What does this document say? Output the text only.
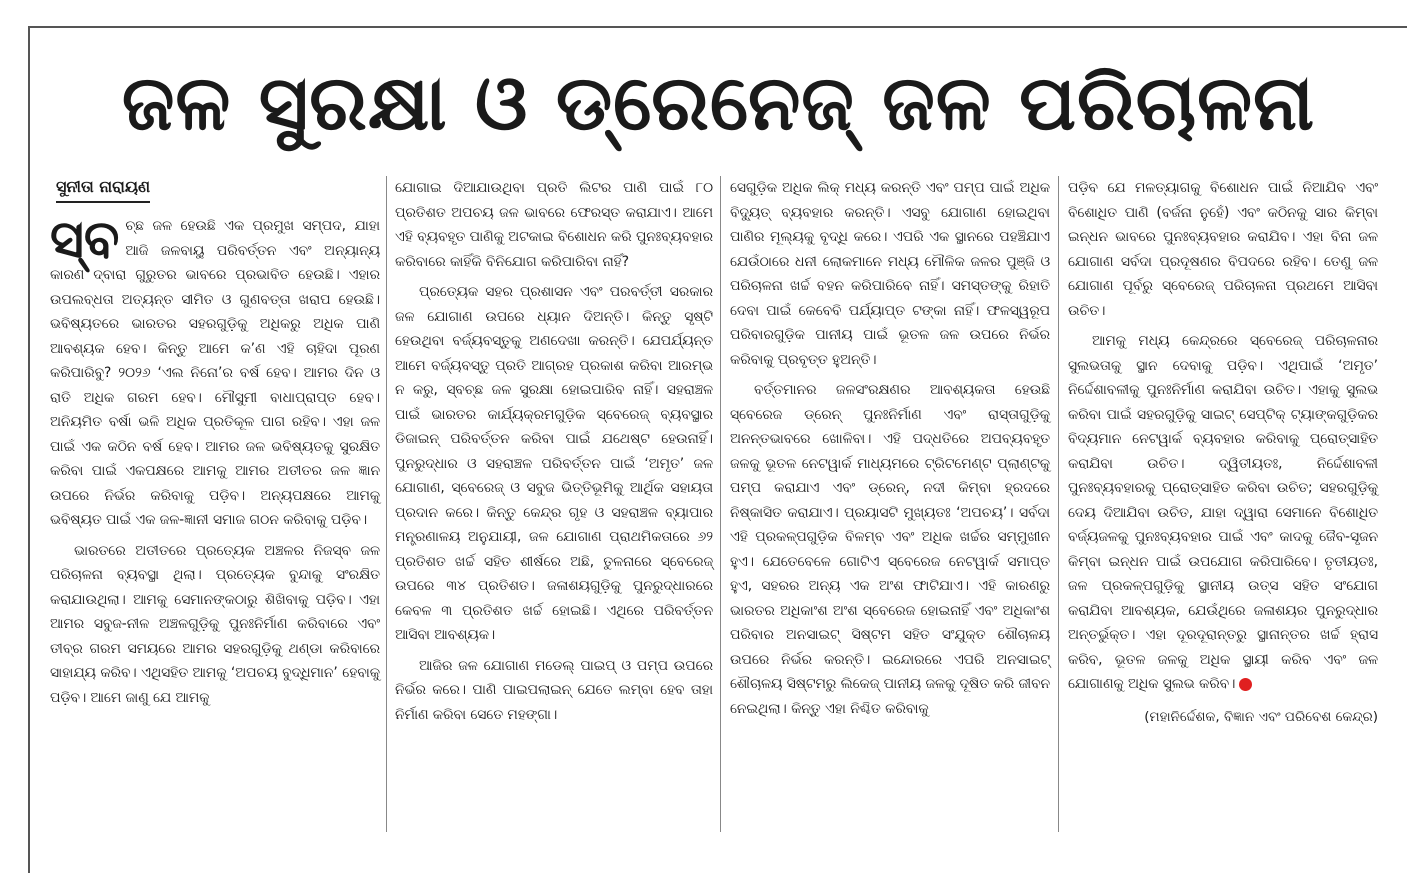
ଜଳ ସୁରକ୍ଷା ଓ ଡ୍ରେନେଜ୍ ଜଳ ପରିଚାଳନା
ସୁନୀତା ନାରାୟଣ

ସ୍ବ ଚ୍ଛ ଜଳ ହେଉଛି ଏକ ପ୍ରମୁଖ ସମ୍ପଦ, ଯାହା ଆଜି ଜଳବାୟୁ ପରିବର୍ତ୍ତନ ଏବଂ ଅନ୍ୟାନ୍ୟ କାରଣ ଦ୍ବାରା ଗୁରୁତର ଭାବରେ ପ୍ରଭାବିତ ହେଉଛି। ଏହାର ଉପଲବ୍ଧତା ଅତ୍ୟନ୍ତ ସୀମିତ ଓ ଗୁଣବତ୍ତା ଖରାପ ହେଉଛି। ଭବିଷ୍ୟତରେ ଭାରତର ସହରଗୁଡ଼ିକୁ ଅଧିକରୁ ଅଧିକ ପାଣି ଆବଶ୍ୟକ ହେବ। କିନ୍ତୁ ଆମେ କ’ଣ ଏହି ଚାହିଦା ପୂରଣ କରିପାରିବୁ? ୨୦୨୬ ‘ଏଲ ନିନୋ’ର ବର୍ଷ ହେବ। ଆମର ଦିନ ଓ ରାତି ଅଧିକ ଗରମ ହେବ। ମୌସୁମୀ ବାଧାପ୍ରାପ୍ତ ହେବ। ଅନିୟମିତ ବର୍ଷା ଭଳି ଅଧିକ ପ୍ରତିକୂଳ ପାଗ ରହିବ। ଏହା ଜଳ ପାଇଁ ଏକ କଠିନ ବର୍ଷ ହେବ। ଆମର ଜଳ ଭବିଷ୍ୟତକୁ ସୁରକ୍ଷିତ କରିବା ପାଇଁ ଏକପକ୍ଷରେ ଆମକୁ ଆମର ଅତୀତର ଜଳ ଜ୍ଞାନ ଉପରେ ନିର୍ଭର କରିବାକୁ ପଡ଼ିବ। ଅନ୍ୟପକ୍ଷରେ ଆମକୁ ଭବିଷ୍ୟତ ପାଇଁ ଏକ ଜଳ-ଜ୍ଞାନୀ ସମାଜ ଗଠନ କରିବାକୁ ପଡ଼ିବ।

ଭାରତରେ ଅତୀତରେ ପ୍ରତ୍ୟେକ ଅଞ୍ଚଳର ନିଜସ୍ବ ଜଳ ପରିଚାଳନା ବ୍ୟବସ୍ଥା ଥିଲା। ପ୍ରତ୍ୟେକ ବୁନ୍ଦାକୁ ସଂରକ୍ଷିତ କରାଯାଉଥିଲା। ଆମକୁ ସେମାନଙ୍କଠାରୁ ଶିଖିବାକୁ ପଡ଼ିବ। ଏହା ଆମର ସବୁଜ-ନୀଳ ଅଞ୍ଚଳଗୁଡ଼ିକୁ ପୁନଃନିର୍ମାଣ କରିବାରେ ଏବଂ ତୀବ୍ର ଗରମ ସମୟରେ ଆମର ସହରଗୁଡ଼ିକୁ ଥଣ୍ଡା କରିବାରେ ସାହାଯ୍ୟ କରିବ। ଏଥିସହିତ ଆମକୁ ‘ଅପଚୟ ବୁଦ୍ଧିମାନ’ ହେବାକୁ ପଡ଼ିବ। ଆମେ ଜାଣୁ ଯେ ଆମକୁ

ଯୋଗାଇ ଦିଆଯାଉଥିବା ପ୍ରତି ଲିଟର ପାଣି ପାଇଁ ୮୦ ପ୍ରତିଶତ ଅପଚୟ ଜଳ ଭାବରେ ଫେରସ୍ତ କରାଯାଏ। ଆମେ ଏହି ବ୍ୟବହୃତ ପାଣିକୁ ଅଟକାଇ ବିଶୋଧନ କରି ପୁନଃବ୍ୟବହାର କରିବାରେ କାହିଁକି ବିନିଯୋଗ କରିପାରିବା ନାହିଁ?

ପ୍ରତ୍ୟେକ ସହର ପ୍ରଶାସନ ଏବଂ ପରବର୍ତ୍ତୀ ସରକାର ଜଳ ଯୋଗାଣ ଉପରେ ଧ୍ୟାନ ଦିଅନ୍ତି। କିନ୍ତୁ ସୃଷ୍ଟି ହେଉଥିବା ବର୍ଜ୍ୟବସ୍ତୁକୁ ଅଣଦେଖା କରନ୍ତି। ଯେପର୍ଯ୍ୟନ୍ତ ଆମେ ବର୍ଜ୍ୟବସ୍ତୁ ପ୍ରତି ଆଗ୍ରହ ପ୍ରକାଶ କରିବା ଆରମ୍ଭ ନ କରୁ, ସ୍ବଚ୍ଛ ଜଳ ସୁରକ୍ଷା ହୋଇପାରିବ ନାହିଁ। ସହରାଞ୍ଚଳ ପାଇଁ ଭାରତର କାର୍ଯ୍ୟକ୍ରମଗୁଡ଼ିକ ସ୍ବେରେଜ୍ ବ୍ୟବସ୍ଥାର ଡିଜାଇନ୍ ପରିବର୍ତ୍ତନ କରିବା ପାଇଁ ଯଥେଷ୍ଟ ହେଉନାହିଁ। ପୁନରୁଦ୍ଧାର ଓ ସହରାଞ୍ଚଳ ପରିବର୍ତ୍ତନ ପାଇଁ ‘ଅମୃତ’ ଜଳ ଯୋଗାଣ, ସ୍ବେରେଜ୍ ଓ ସବୁଜ ଭିତ୍ତିଭୂମିକୁ ଆର୍ଥିକ ସହାୟତା ପ୍ରଦାନ କରେ। କିନ୍ତୁ କେନ୍ଦ୍ର ଗୃହ ଓ ସହରାଞ୍ଚଳ ବ୍ୟାପାର ମନ୍ତ୍ରଣାଳୟ ଅନୁଯାୟୀ, ଜଳ ଯୋଗାଣ ପ୍ରାଥମିକତାରେ ୬୨ ପ୍ରତିଶତ ଖର୍ଚ୍ଚ ସହିତ ଶୀର୍ଷରେ ଅଛି, ତୁଳନାରେ ସ୍ବେରେଜ୍ ଉପରେ ୩୪ ପ୍ରତିଶତ। ଜଳାଶୟଗୁଡ଼ିକୁ ପୁନରୁଦ୍ଧାରରେ କେବଳ ୩ ପ୍ରତିଶତ ଖର୍ଚ୍ଚ ହୋଇଛି। ଏଥିରେ ପରିବର୍ତ୍ତନ ଆସିବା ଆବଶ୍ୟକ।

ଆଜିର ଜଳ ଯୋଗାଣ ମଡେଲ୍ ପାଇପ୍ ଓ ପମ୍ପ ଉପରେ ନିର୍ଭର କରେ। ପାଣି ପାଇପଲାଇନ୍ ଯେତେ ଲମ୍ବା ହେବ ତାହା ନିର୍ମାଣ କରିବା ସେତେ ମହଙ୍ଗା।

ସେଗୁଡ଼ିକ ଅଧିକ ଲିକ୍ ମଧ୍ୟ କରନ୍ତି ଏବଂ ପମ୍ପ ପାଇଁ ଅଧିକ ବିଦ୍ୟୁତ୍ ବ୍ୟବହାର କରନ୍ତି। ଏସବୁ ଯୋଗାଣ ହୋଇଥିବା ପାଣିର ମୂଲ୍ୟକୁ ବୃଦ୍ଧି କରେ। ଏପରି ଏକ ସ୍ଥାନରେ ପହଞ୍ଚିଯାଏ ଯେଉଁଠାରେ ଧନୀ ଲୋକମାନେ ମଧ୍ୟ ମୌଳିକ ଜଳର ପୁଞ୍ଜି ଓ ପରିଚାଳନା ଖର୍ଚ୍ଚ ବହନ କରିପାରିବେ ନାହିଁ। ସମସ୍ତଙ୍କୁ ରିହାତି ଦେବା ପାଇଁ କେବେବି ପର୍ଯ୍ୟାପ୍ତ ଟଙ୍କା ନାହିଁ। ଫଳସ୍ୱରୂପ ପରିବାରଗୁଡ଼ିକ ପାନୀୟ ପାଇଁ ଭୂତଳ ଜଳ ଉପରେ ନିର୍ଭର କରିବାକୁ ପ୍ରବୃତ୍ତ ହୁଅନ୍ତି।

ବର୍ତ୍ତମାନର ଜଳସଂରକ୍ଷଣର ଆବଶ୍ୟକତା ହେଉଛି ସ୍ବେରେଜ ଡ୍ରେନ୍ ପୁନଃନିର୍ମାଣ ଏବଂ ରାସ୍ତାଗୁଡ଼ିକୁ ଅନନ୍ତଭାବରେ ଖୋଳିବା। ଏହି ପଦ୍ଧତିରେ ଅପବ୍ୟବହୃତ ଜଳକୁ ଭୂତଳ ନେଟୱାର୍କ ମାଧ୍ୟମରେ ଟ୍ରିଟମେଣ୍ଟ ପ୍ଲାଣ୍ଟକୁ ପମ୍ପ କରାଯାଏ ଏବଂ ଡ୍ରେନ୍, ନଦୀ କିମ୍ବା ହ୍ରଦରେ ନିଷ୍କାସିତ କରାଯାଏ। ପ୍ରୟାସଟି ମୁଖ୍ୟତଃ ‘ଅପଚୟ’। ସର୍ବଦା ଏହି ପ୍ରକଳ୍ପଗୁଡ଼ିକ ବିଳମ୍ବ ଏବଂ ଅଧିକ ଖର୍ଚ୍ଚର ସମ୍ମୁଖୀନ ହୁଏ। ଯେତେବେଳେ ଗୋଟିଏ ସ୍ବେରେଜ ନେଟୱାର୍କ ସମାପ୍ତ ହୁଏ, ସହରର ଅନ୍ୟ ଏକ ଅଂଶ ଫାଟିଯାଏ। ଏହି କାରଣରୁ ଭାରତର ଅଧିକାଂଶ ଅଂଶ ସ୍ବେରେଜ ହୋଇନାହିଁ ଏବଂ ଅଧିକାଂଶ ପରିବାର ଅନସାଇଟ୍ ସିଷ୍ଟମ ସହିତ ସଂଯୁକ୍ତ ଶୌଚାଳୟ ଉପରେ ନିର୍ଭର କରନ୍ତି। ଇନ୍ଦୋରରେ ଏପରି ଅନସାଇଟ୍ ଶୌଚାଳୟ ସିଷ୍ଟମରୁ ଲିକେଜ୍ ପାନୀୟ ଜଳକୁ ଦୂଷିତ କରି ଜୀବନ ନେଇଥିଲା। କିନ୍ତୁ ଏହା ନିଶ୍ଚିତ କରିବାକୁ

ପଡ଼ିବ ଯେ ମଳତ୍ୟାଗକୁ ବିଶୋଧନ ପାଇଁ ନିଆଯିବ ଏବଂ ବିଶୋଧିତ ପାଣି (ବର୍ଜନା ନୁହେଁ) ଏବଂ କଠିନକୁ ସାର କିମ୍ବା ଇନ୍ଧନ ଭାବରେ ପୁନଃବ୍ୟବହାର କରାଯିବ। ଏହା ବିନା ଜଳ ଯୋଗାଣ ସର୍ବଦା ପ୍ରଦୂଷଣର ବିପଦରେ ରହିବ। ତେଣୁ ଜଳ ଯୋଗାଣ ପୂର୍ବରୁ ସ୍ବେରେଜ୍ ପରିଚାଳନା ପ୍ରଥମେ ଆସିବା ଉଚିତ।

ଆମକୁ ମଧ୍ୟ କେନ୍ଦ୍ରରେ ସ୍ବେରେଜ୍ ପରିଚାଳନାର ସୁଲଭତାକୁ ସ୍ଥାନ ଦେବାକୁ ପଡ଼ିବ। ଏଥିପାଇଁ ‘ଅମୃତ’ ନିର୍ଦ୍ଦେଶାବଳୀକୁ ପୁନଃନିର୍ମାଣ କରାଯିବା ଉଚିତ। ଏହାକୁ ସୁଲଭ କରିବା ପାଇଁ ସହରଗୁଡ଼ିକୁ ସାଇଟ୍ ସେପ୍ଟିକ୍ ଟ୍ୟାଙ୍କଗୁଡ଼ିକର ବିଦ୍ୟମାନ ନେଟୱାର୍କ ବ୍ୟବହାର କରିବାକୁ ପ୍ରୋତ୍ସାହିତ କରାଯିବା ଉଚିତ। ଦ୍ୱିତୀୟତଃ, ନିର୍ଦ୍ଦେଶାବଳୀ ପୁନଃବ୍ୟବହାରକୁ ପ୍ରୋତ୍ସାହିତ କରିବା ଉଚିତ; ସହରଗୁଡ଼ିକୁ ଦେୟ ଦିଆଯିବା ଉଚିତ, ଯାହା ଦ୍ୱାରା ସେମାନେ ବିଶୋଧିତ ବର୍ଜ୍ୟଜଳକୁ ପୁନଃବ୍ୟବହାର ପାଇଁ ଏବଂ କାଦକୁ ଜୈବ-ସୃଜନ କିମ୍ବା ଇନ୍ଧନ ପାଇଁ ଉପଯୋଗ କରିପାରିବେ। ତୃତୀୟତଃ, ଜଳ ପ୍ରକଳ୍ପଗୁଡ଼ିକୁ ସ୍ଥାନୀୟ ଉତ୍ସ ସହିତ ସଂଯୋଗ କରାଯିବା ଆବଶ୍ୟକ, ଯେଉଁଥିରେ ଜଳାଶୟର ପୁନରୁଦ୍ଧାର ଅନ୍ତର୍ଭୁକ୍ତ। ଏହା ଦୂରଦୂରାନ୍ତରୁ ସ୍ଥାନାନ୍ତର ଖର୍ଚ୍ଚ ହ୍ରାସ କରିବ, ଭୂତଳ ଜଳକୁ ଅଧିକ ସ୍ଥାୟୀ କରିବ ଏବଂ ଜଳ ଯୋଗାଣକୁ ଅଧିକ ସୁଲଭ କରିବ।

(ମହାନିର୍ଦ୍ଦେଶକ, ବିଜ୍ଞାନ ଏବଂ ପରିବେଶ କେନ୍ଦ୍ର)
